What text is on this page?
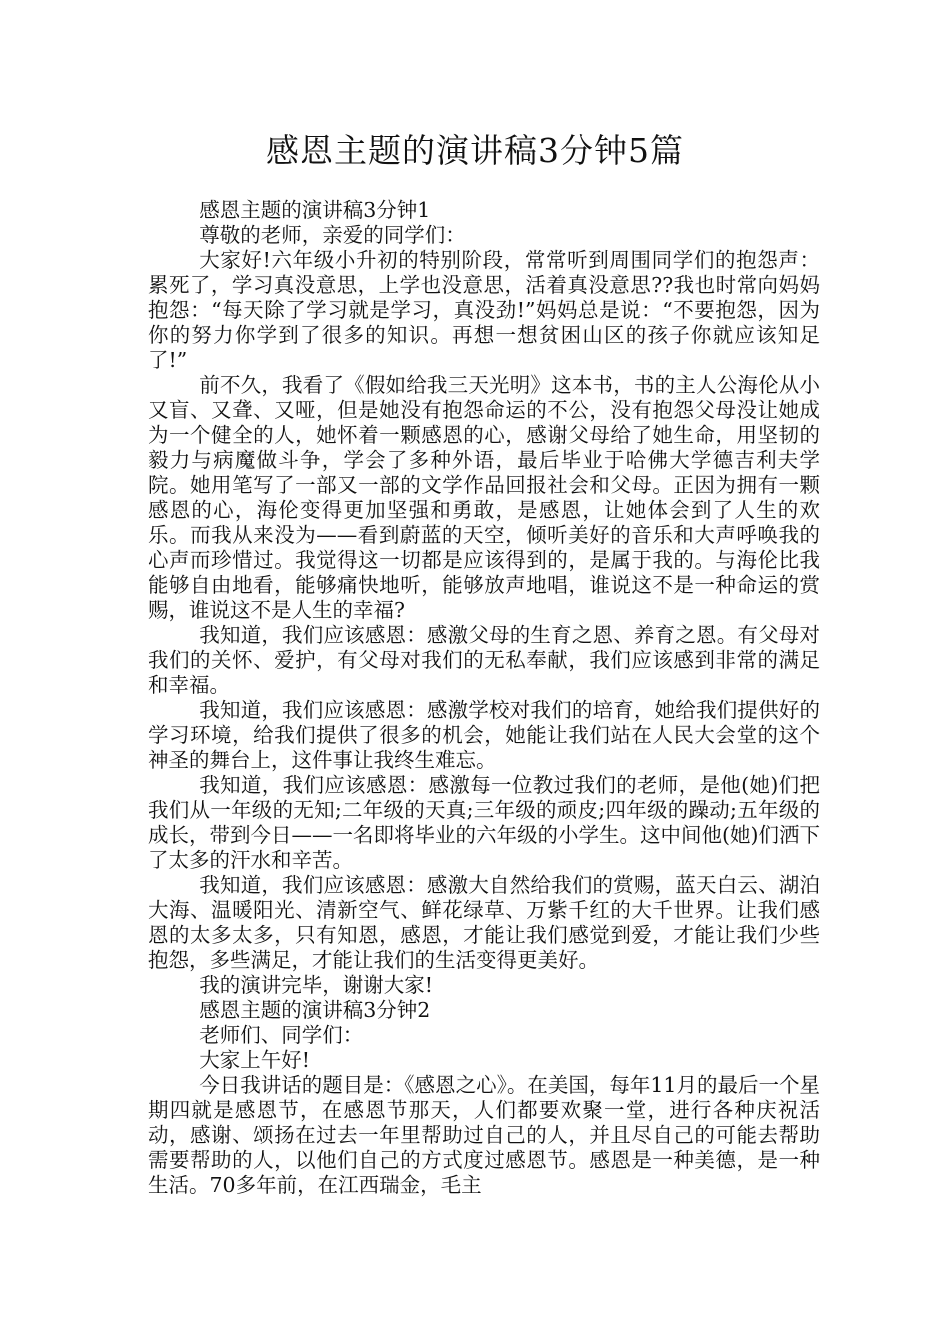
感恩主题的演讲稿3分钟5篇

感恩主题的演讲稿3分钟1

尊敬的老师，亲爱的同学们：

大家好!六年级小升初的特别阶段，常常听到周围同学们的抱怨声：累死了，学习真没意思，上学也没意思，活着真没意思??我也时常向妈妈抱怨：“每天除了学习就是学习，真没劲!”妈妈总是说：“不要抱怨，因为你的努力你学到了很多的知识。再想一想贫困山区的孩子你就应该知足了!”

前不久，我看了《假如给我三天光明》这本书，书的主人公海伦从小又盲、又聋、又哑，但是她没有抱怨命运的不公，没有抱怨父母没让她成为一个健全的人，她怀着一颗感恩的心，感谢父母给了她生命，用坚韧的毅力与病魔做斗争，学会了多种外语，最后毕业于哈佛大学德吉利夫学院。她用笔写了一部又一部的文学作品回报社会和父母。正因为拥有一颗感恩的心，海伦变得更加坚强和勇敢，是感恩，让她体会到了人生的欢乐。而我从来没为——看到蔚蓝的天空，倾听美好的音乐和大声呼唤我的心声而珍惜过。我觉得这一切都是应该得到的，是属于我的。与海伦比我能够自由地看，能够痛快地听，能够放声地唱，谁说这不是一种命运的赏赐，谁说这不是人生的幸福?

我知道，我们应该感恩：感激父母的生育之恩、养育之恩。有父母对我们的关怀、爱护，有父母对我们的无私奉献，我们应该感到非常的满足和幸福。

我知道，我们应该感恩：感激学校对我们的培育，她给我们提供好的学习环境，给我们提供了很多的机会，她能让我们站在人民大会堂的这个神圣的舞台上，这件事让我终生难忘。

我知道，我们应该感恩：感激每一位教过我们的老师，是他(她)们把我们从一年级的无知;二年级的天真;三年级的顽皮;四年级的躁动;五年级的成长，带到今日——一名即将毕业的六年级的小学生。这中间他(她)们洒下了太多的汗水和辛苦。

我知道，我们应该感恩：感激大自然给我们的赏赐，蓝天白云、湖泊大海、温暖阳光、清新空气、鲜花绿草、万紫千红的大千世界。让我们感恩的太多太多，只有知恩，感恩，才能让我们感觉到爱，才能让我们少些抱怨，多些满足，才能让我们的生活变得更美好。

我的演讲完毕，谢谢大家!

感恩主题的演讲稿3分钟2

老师们、同学们：

大家上午好!

今日我讲话的题目是：《感恩之心》。在美国，每年11月的最后一个星期四就是感恩节，在感恩节那天，人们都要欢聚一堂，进行各种庆祝活动，感谢、颂扬在过去一年里帮助过自己的人，并且尽自己的可能去帮助需要帮助的人，以他们自己的方式度过感恩节。感恩是一种美德，是一种生活。70多年前，在江西瑞金，毛主
